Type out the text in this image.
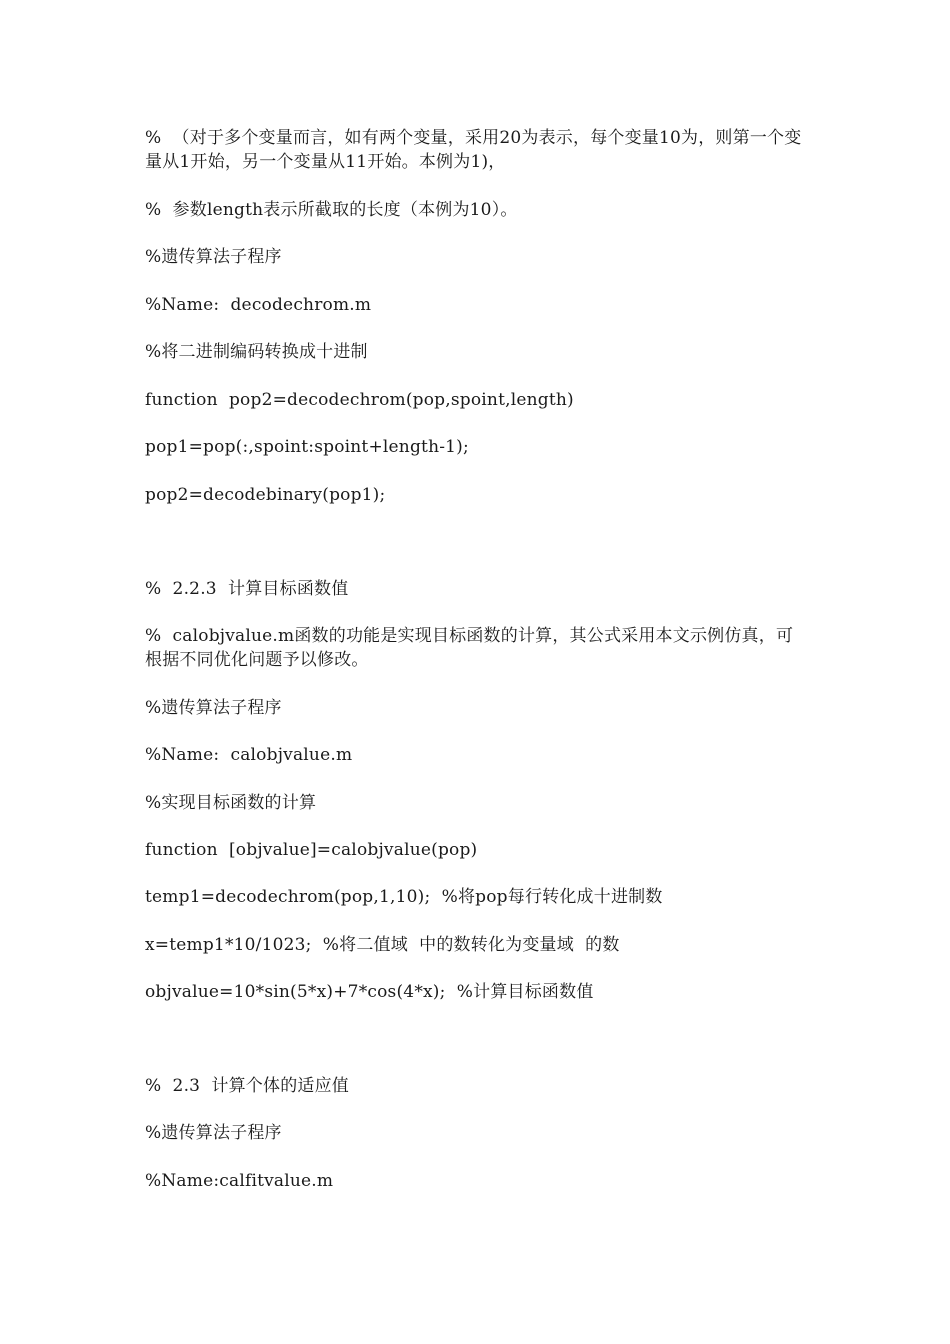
%  （对于多个变量而言，如有两个变量，采用20为表示，每个变量10为，则第一个变量从1开始，另一个变量从11开始。本例为1)，
%  参数length表示所截取的长度（本例为10）。
%遗传算法子程序
%Name:  decodechrom.m
%将二进制编码转换成十进制
function  pop2=decodechrom(pop,spoint,length)
pop1=pop(:,spoint:spoint+length-1);
pop2=decodebinary(pop1);
%  2.2.3  计算目标函数值
%  calobjvalue.m函数的功能是实现目标函数的计算，其公式采用本文示例仿真，可根据不同优化问题予以修改。
%遗传算法子程序
%Name:  calobjvalue.m
%实现目标函数的计算
function  [objvalue]=calobjvalue(pop)
temp1=decodechrom(pop,1,10);  %将pop每行转化成十进制数
x=temp1*10/1023;  %将二值域  中的数转化为变量域  的数
objvalue=10*sin(5*x)+7*cos(4*x);  %计算目标函数值
%  2.3  计算个体的适应值
%遗传算法子程序
%Name:calfitvalue.m
